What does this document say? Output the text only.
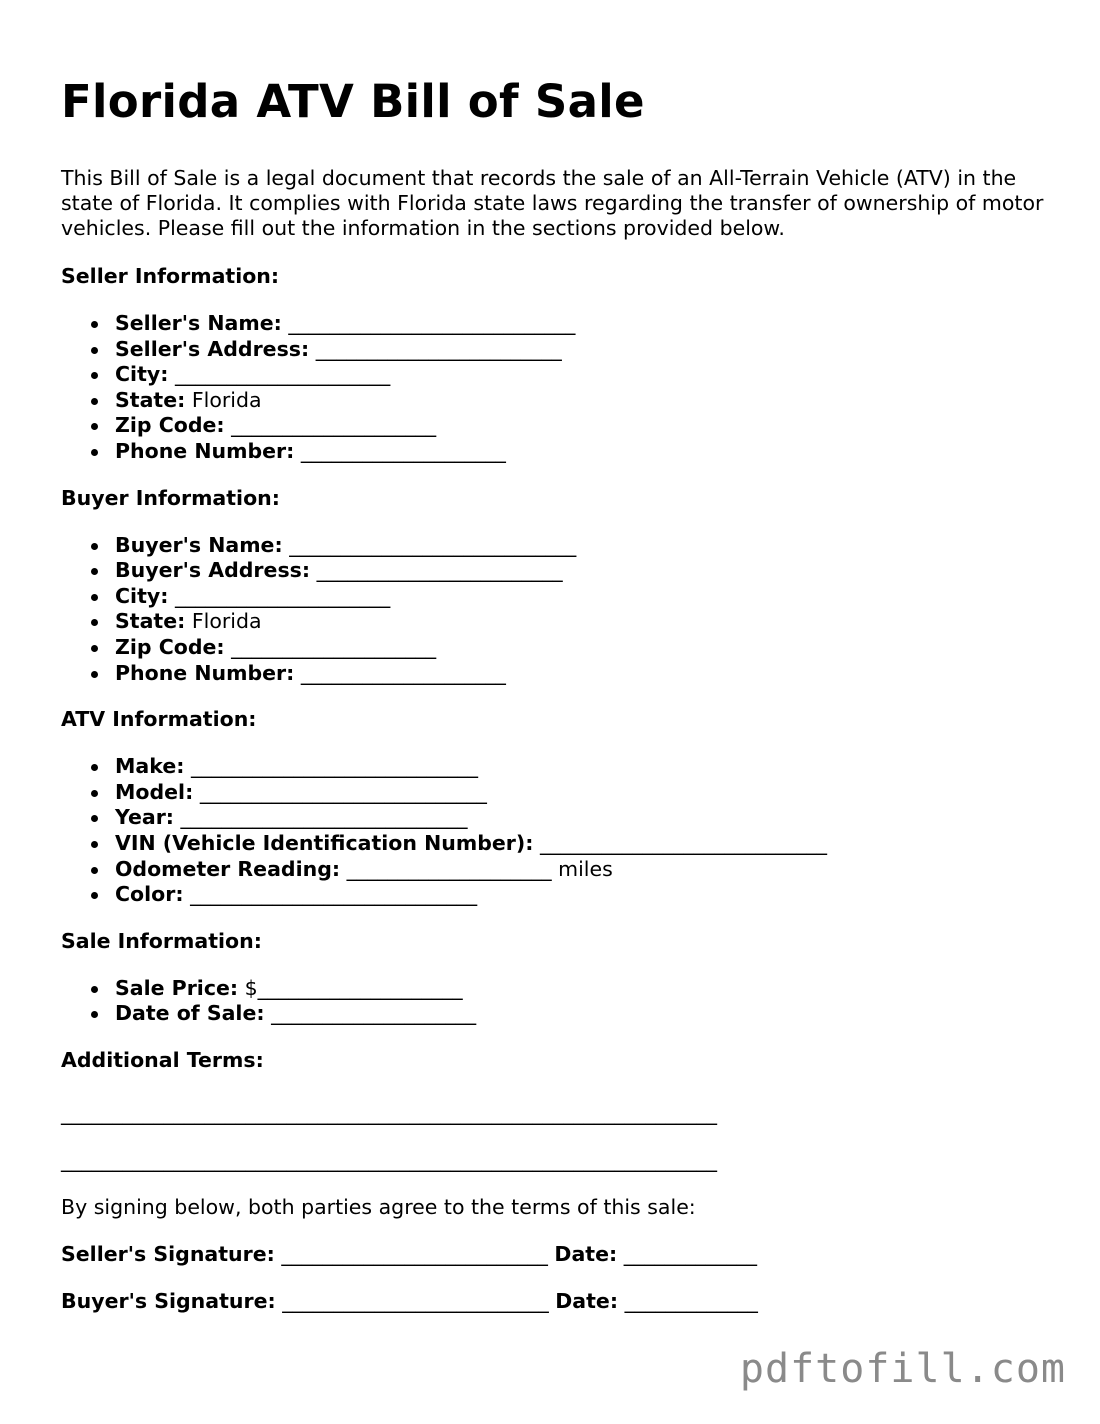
Florida ATV Bill of Sale

This Bill of Sale is a legal document that records the sale of an All-Terrain Vehicle (ATV) in the state of Florida. It complies with Florida state laws regarding the transfer of ownership of motor vehicles. Please fill out the information in the sections provided below.

Seller Information:

Seller's Name: ____________________________
Seller's Address: ________________________
City: _____________________
State: Florida
Zip Code: ____________________
Phone Number: ____________________

Buyer Information:

Buyer's Name: ____________________________
Buyer's Address: ________________________
City: _____________________
State: Florida
Zip Code: ____________________
Phone Number: ____________________

ATV Information:

Make: ____________________________
Model: ____________________________
Year: ____________________________
VIN (Vehicle Identification Number): ____________________________
Odometer Reading: ____________________ miles
Color: ____________________________

Sale Information:

Sale Price: $____________________
Date of Sale: ____________________

Additional Terms:

________________________________________________________________

________________________________________________________________

By signing below, both parties agree to the terms of this sale:

Seller's Signature: __________________________ Date: _____________

Buyer's Signature: __________________________ Date: _____________

pdftofill.com
